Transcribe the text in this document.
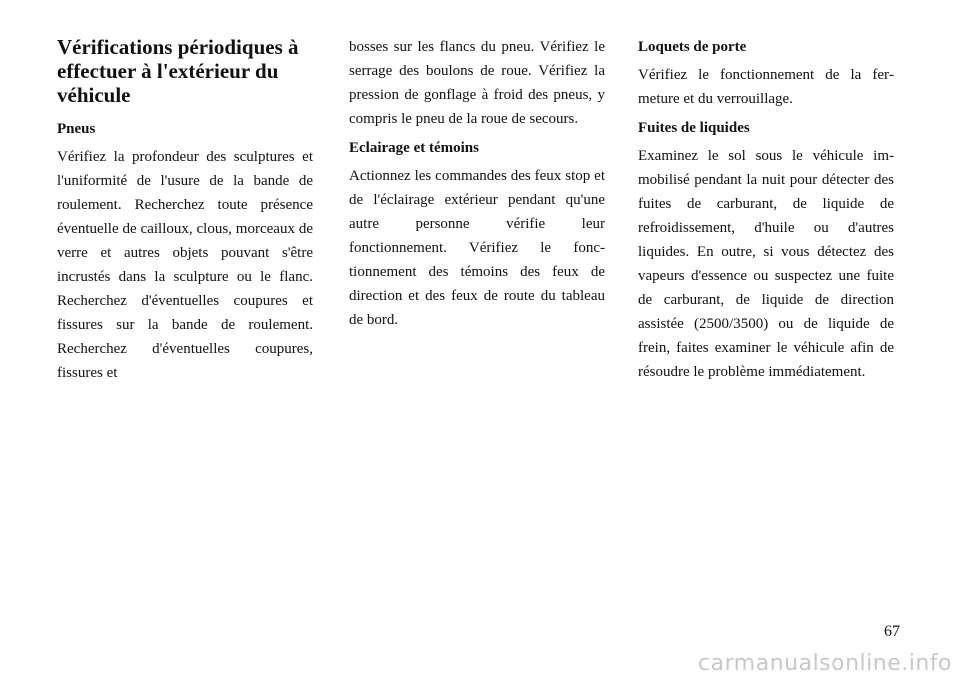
Vérifications périodiques à effectuer à l'extérieur du véhicule
Pneus

Vérifiez la profondeur des sculptures et l'uniformité de l'usure de la bande de roulement. Recherchez toute présence éventuelle de cailloux, clous, morceaux de verre et autres objets pouvant s'être incrustés dans la sculpture ou le flanc. Recherchez d'éventuelles coupures et fissures sur la bande de roulement. Recherchez d'éventuelles coupures, fissures et

bosses sur les flancs du pneu. Vérifiez le serrage des boulons de roue. Vérifiez la pression de gonflage à froid des pneus, y compris le pneu de la roue de secours.

Eclairage et témoins

Actionnez les commandes des feux stop et de l'éclairage extérieur pendant qu'une autre personne vérifie leur fonctionnement. Vérifiez le fonctionnement des témoins des feux de direction et des feux de route du tableau de bord.

Loquets de porte

Vérifiez le fonctionnement de la fermeture et du verrouillage.

Fuites de liquides

Examinez le sol sous le véhicule immobilisé pendant la nuit pour détecter des fuites de carburant, de liquide de refroidissement, d'huile ou d'autres liquides. En outre, si vous détectez des vapeurs d'essence ou suspectez une fuite de carburant, de liquide de direction assistée (2500/3500) ou de liquide de frein, faites examiner le véhicule afin de résoudre le problème immédiatement.

67
carmanualsonline.info
